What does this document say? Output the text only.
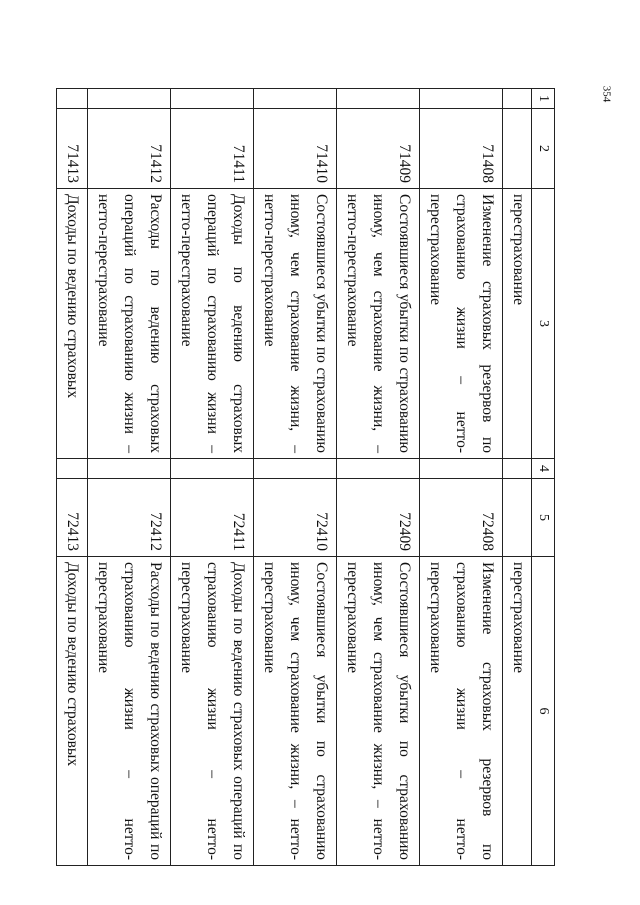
354
1	2	3	4	5	6
		перестрахование			перестрахование
	71408	Изменение страховых резервов по страхованию жизни – нетто-перестрахование		72408	Изменение страховых резервов по страхованию жизни – нетто-перестрахование
	71409	Состоявшиеся убытки по страхованию иному, чем страхование жизни, – нетто-перестрахование		72409	Состоявшиеся убытки по страхованию иному, чем страхование жизни, – нетто-перестрахование
	71410	Состоявшиеся убытки по страхованию иному, чем страхование жизни, – нетто-перестрахование		72410	Состоявшиеся убытки по страхованию иному, чем страхование жизни, – нетто-перестрахование
	71411	Доходы по ведению страховых операций по страхованию жизни – нетто-перестрахование		72411	Доходы по ведению страховых операций по страхованию жизни – нетто-перестрахование
	71412	Расходы по ведению страховых операций по страхованию жизни – нетто-перестрахование		72412	Расходы по ведению страховых операций по страхованию жизни – нетто-перестрахование
	71413	Доходы по ведению страховых		72413	Доходы по ведению страховых
